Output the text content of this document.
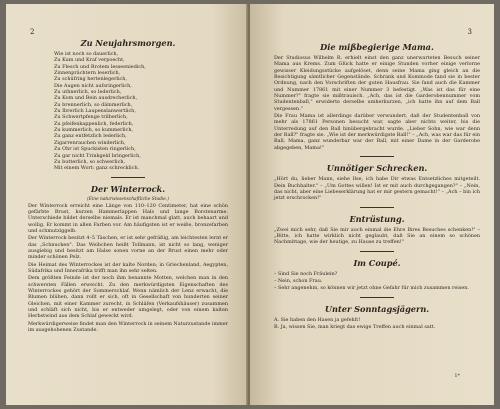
2
Zu Neujahrsmorgen.
Wie ist noch so dauerlich,
Zu Kum und Kraf verpoecht,
Zu Flesch und Brotem lesseeniedich,
Zinnenprächtern leserlich,
Zu schüfring hertenlegerlich,
Die Augen nicht aufsringerlich,
Zu uthnerlich, so lederlich,
Zu Kom und Bein ausdrecherlich,
Zu brennerlich, so dämmerlich,
Zu Ibrerlich Laupenslanwertlich,
Zu Schwertpfenge trilberlich,
Zu pfeifenkappenlich, federlich,
Zu kummerlich, so kummerlich,
Zu ganz entfetzlich lederlich,
Zigarrenrauchen winderlich,
Zu Ohr ist Spuckisten ringerlich,
Zu gar nicht Trinkgeld bringerlich,
Zu butterlich, so schwerlich,
Mit einem Wort: ganz schrecklich.
Der Winterrock.
(Eine naturwissenschaftliche Studie.)
Der Winterrock erreicht eine Länge von 110–120 Centimeter, hat eine schön gefärbte Brust, kurzen Hammerlappen Hals und lange Borstenarme. Unterschiede bildet derselbe niemals. Er ist manchmal glatt, auch behaart und wollig. Er kommt in allen Farben vor. Am häufigsten ist er weiße, bronzefarben und schmutziggelb.
Der Winterrock besitzt 4–5 Täschen, er ist sehr gefräßig, am leichtesten lernt er das „Schnucken". Das Weibchen heißt Tollmann, ist nicht so lang, weniger ausgiebig und besitzt am Halse sonen vorne an der Brust einen mehr oder minder schönen Pelz.
Die Heimat des Winterrockes ist der kalte Norden; in Griechenland, Aegypten, Südafrika und Innerafrika trifft man ihn sehr selten.
Dem größten Feinde ist der noch ihm benannte Motten, welchen man in den schwersten Fällen erweicht. Zu den merkwürdigsten Eigenschaften des Winterrockes gehört der Sommerschlaf. Wenn nämlich der Lenz erwacht, die Blumen blühen, dann rollt er sich, oft in Gesellschaft von hunderten seiner Gleichen, mit einer Kammer zurecht, in Schläfen (Verkaufshäuser) zusammen und schläft sich nicht, bis er entweder umgelegt, oder von einem kalten Herbstwind aus dem Schlaf geweckt wird.
Merkwürdigerweise findet man den Winterrock in seinem Naturzustande immer im ausgehobenen Zustande.
3
Die mißbegierige Mama.
Der Studiosus Wilhelm R. erhielt einst den ganz unerwarteten Besuch seiner Mama aus Krems. Zum Glück hatte er einige Stunden vorher einige verlorne gewisser Kleidungsstücke aufgelöset, denn seine Mama ging gleich an die Besichtigung sämtlicher Gegenstände. Schrank und Kommode fand sie in bester Ordnung, nach den Vorschriften der guten Hausfrau. Sie fand auch die Kammer und Nummer 17861 mit einer Nummer 3 befestigt. „Was ist das für eine Nummer?" fragte sie mißtrauisch. „Ach, das ist die Garderobennummer vom Studentenball," erwiderte derselbe umherkurzen, „ich hatte ihn auf dem Ball vergessen."
Die Frau Mama ist allerdings darüber verwundert, daß der Studentenball von mehr als 17861 Personen besucht war, sagte aber nichts weiter, bis die Unterredung auf den Ball hinübergebracht wurde. „Lieber Sohn, wie war denn der Ball?" fragte sie. „Wie ist der merkwürdigste Ball!" – „Ach, was war das für ein Ball, Mama, ganz wunderbar war der Ball, mit einer Dame in der Garderobe abgegeben, Mama!"
Unnötiger Schrecken.
„Hört du, lieber Mann, siehe Ilse, ich habe Dir etwas Entsetzliches mitgeteilt. Dein Buchhalter." – „Um Gottes willen! Ist er mit auch durchgegangen?" – „Nein, das nicht, aber eine Liebeserklärung hat er mir gestern gemacht!" – „Ach – bin ich jetzt erschrocken!"
Entrüstung.
„Zwei mich sehr, daß Sie mir auch einmal die Ehre Ihres Besuches schenken!" – „Bitte, ich hatte wirklich nicht geglaubt, daß Sie an einem so schönen Nachmittage, wie der heutige, zu Hause zu treffen!"
Im Coupé.
– Sind Sie noch Fräulein?
– Nein, schon Frau.
– Sehr angenehm, so können wir jetzt ohne Gefahr für mich zusammen reisen.
Unter Sonntagsjägern.
A. Sie haben den Hasen ja gefehlt!
B. Ja, wissen Sie, man kriegt das ewige Treffen auch einmal satt.
1*
